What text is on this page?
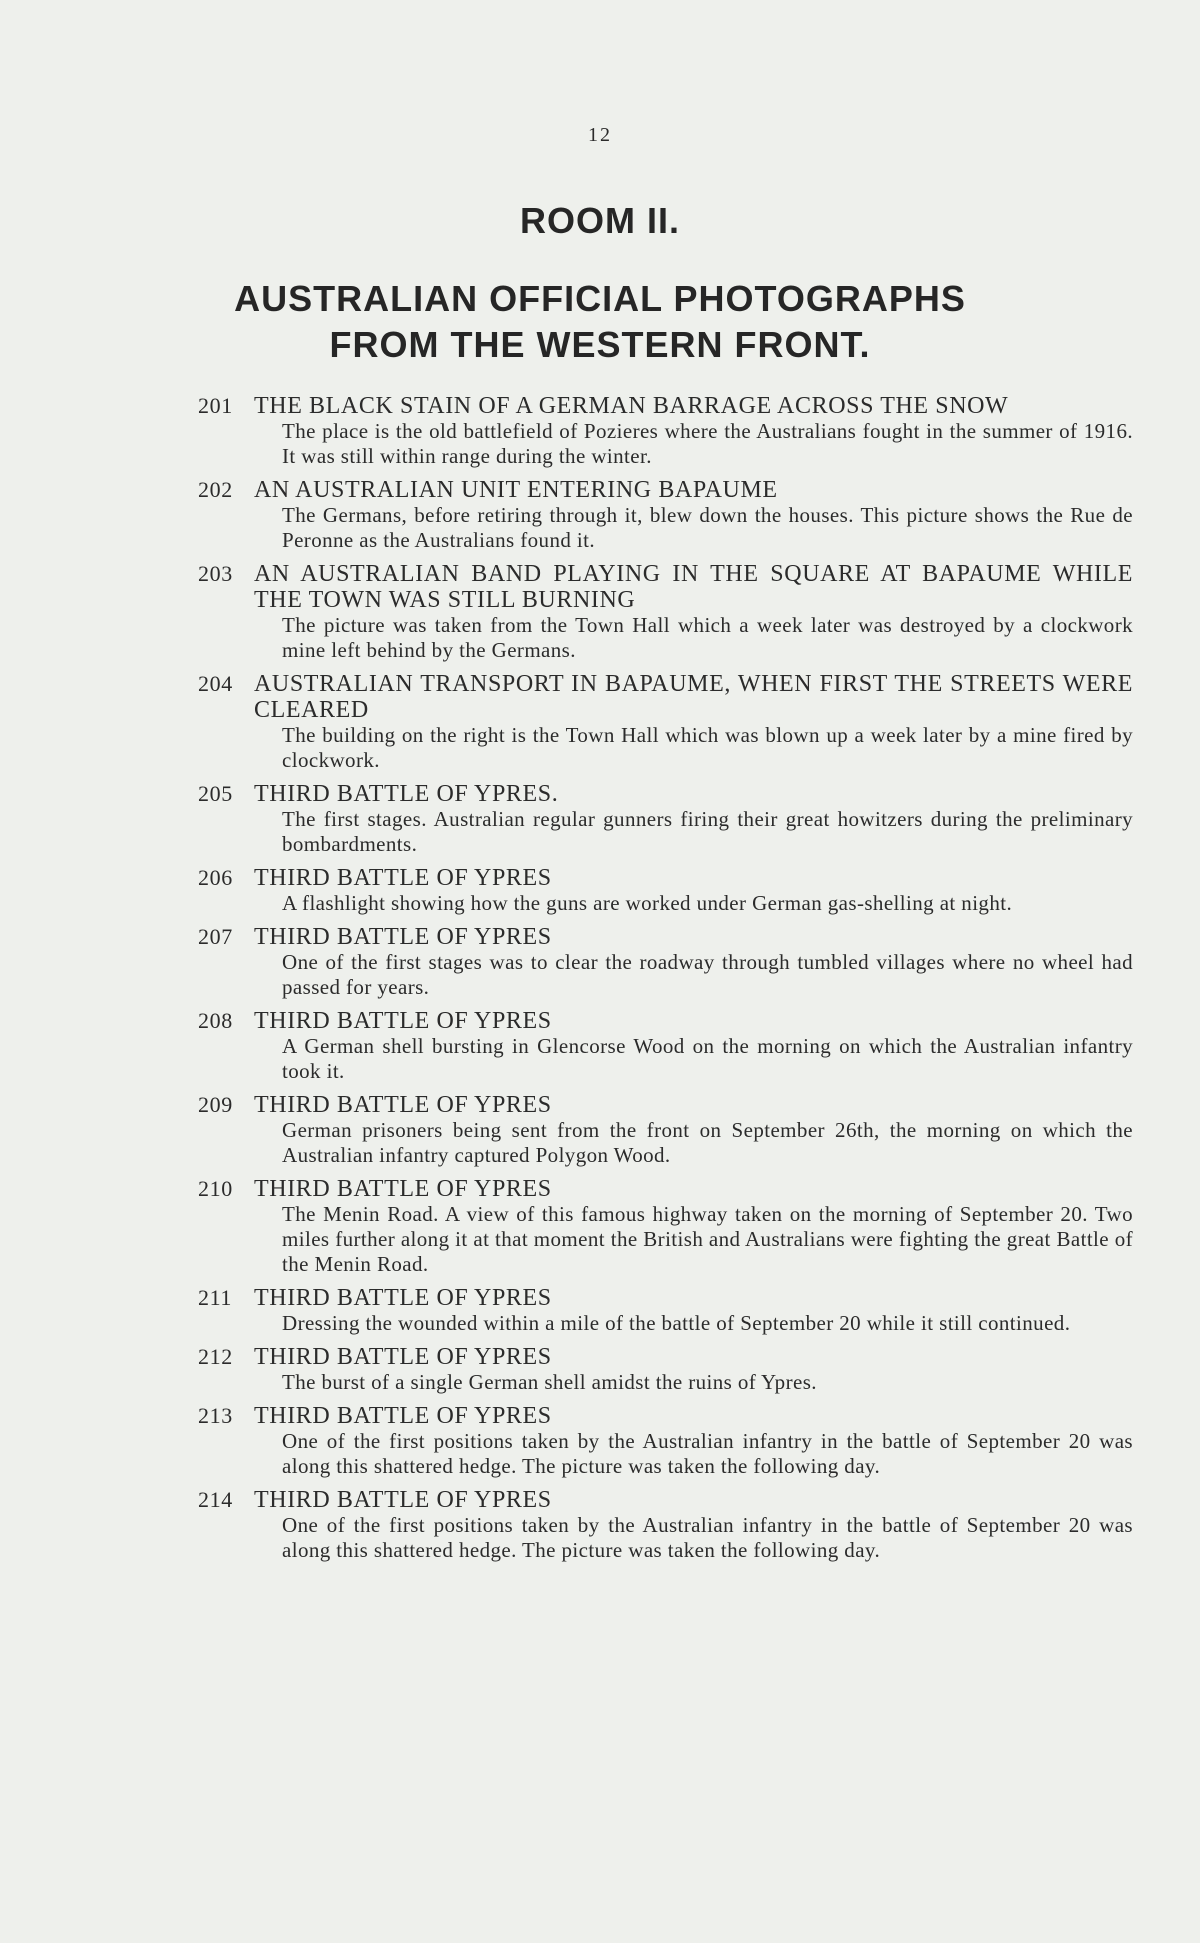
12
ROOM II.
AUSTRALIAN OFFICIAL PHOTOGRAPHS
FROM THE WESTERN FRONT.
201 THE BLACK STAIN OF A GERMAN BARRAGE ACROSS THE SNOW
The place is the old battlefield of Pozieres where the Australians fought in the summer of 1916. It was still within range during the winter.
202 AN AUSTRALIAN UNIT ENTERING BAPAUME
The Germans, before retiring through it, blew down the houses. This picture shows the Rue de Peronne as the Australians found it.
203 AN AUSTRALIAN BAND PLAYING IN THE SQUARE AT BAPAUME WHILE THE TOWN WAS STILL BURNING
The picture was taken from the Town Hall which a week later was destroyed by a clockwork mine left behind by the Germans.
204 AUSTRALIAN TRANSPORT IN BAPAUME, WHEN FIRST THE STREETS WERE CLEARED
The building on the right is the Town Hall which was blown up a week later by a mine fired by clockwork.
205 THIRD BATTLE OF YPRES.
The first stages. Australian regular gunners firing their great howitzers during the preliminary bombardments.
206 THIRD BATTLE OF YPRES
A flashlight showing how the guns are worked under German gas-shelling at night.
207 THIRD BATTLE OF YPRES
One of the first stages was to clear the roadway through tumbled villages where no wheel had passed for years.
208 THIRD BATTLE OF YPRES
A German shell bursting in Glencorse Wood on the morning on which the Australian infantry took it.
209 THIRD BATTLE OF YPRES
German prisoners being sent from the front on September 26th, the morning on which the Australian infantry captured Polygon Wood.
210 THIRD BATTLE OF YPRES
The Menin Road. A view of this famous highway taken on the morning of September 20. Two miles further along it at that moment the British and Australians were fighting the great Battle of the Menin Road.
211 THIRD BATTLE OF YPRES
Dressing the wounded within a mile of the battle of September 20 while it still continued.
212 THIRD BATTLE OF YPRES
The burst of a single German shell amidst the ruins of Ypres.
213 THIRD BATTLE OF YPRES
One of the first positions taken by the Australian infantry in the battle of September 20 was along this shattered hedge. The picture was taken the following day.
214 THIRD BATTLE OF YPRES
One of the first positions taken by the Australian infantry in the battle of September 20 was along this shattered hedge. The picture was taken the following day.
